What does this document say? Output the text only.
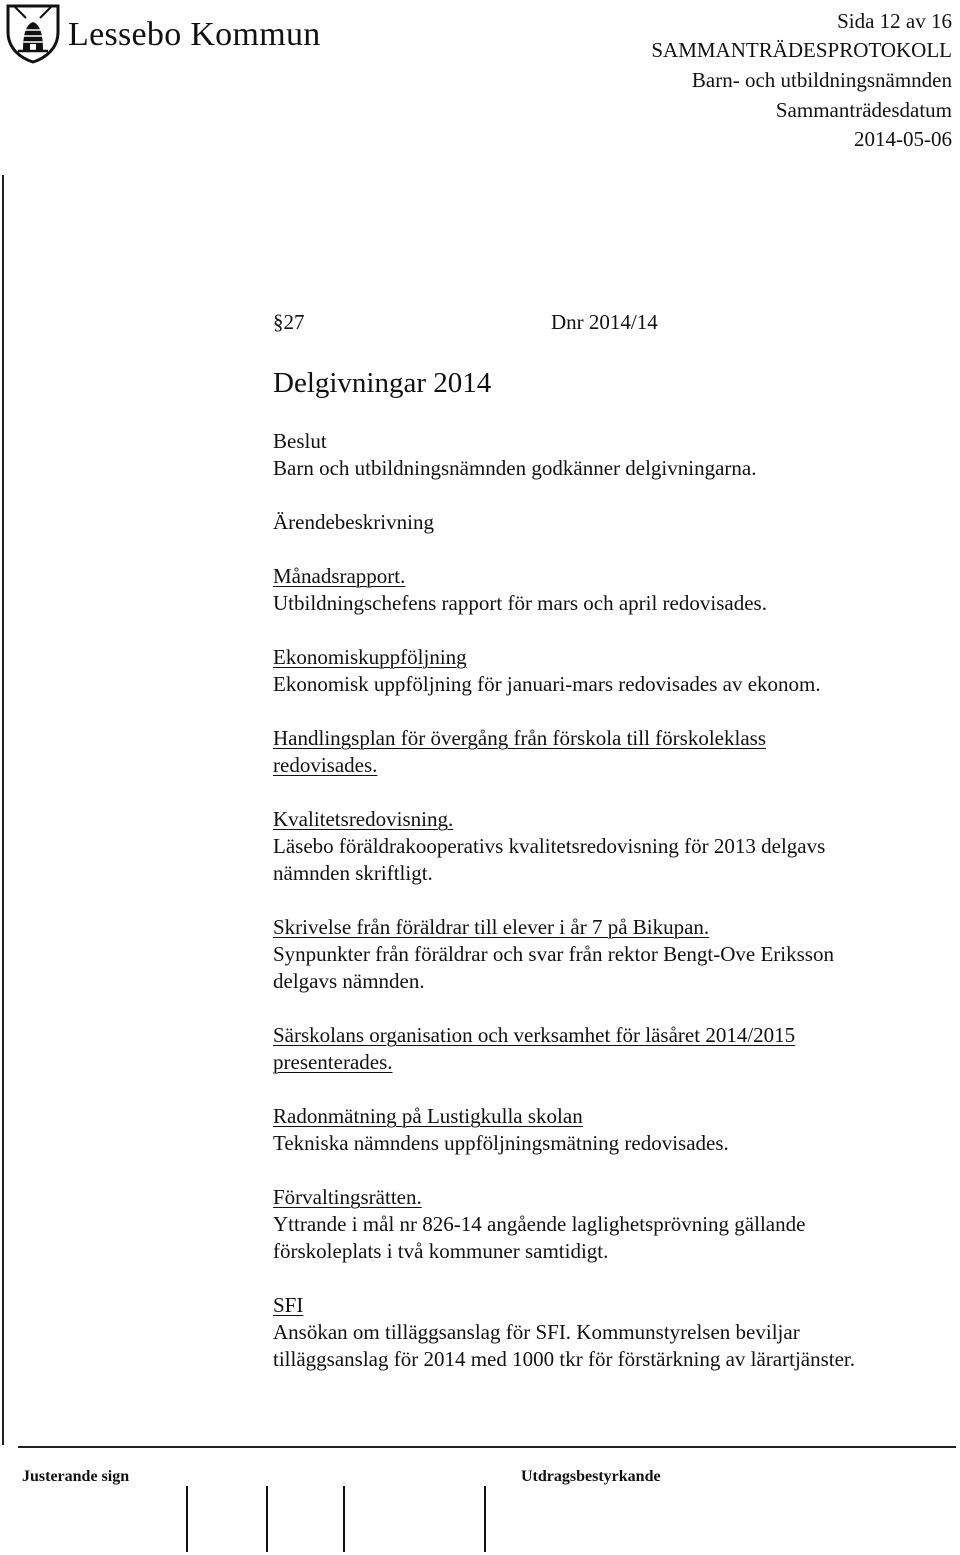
Lessebo Kommun	Sida 12 av 16
SAMMANTRÄDESPROTOKOLL
Barn- och utbildningsnämnden
Sammanträdesdatum
2014-05-06
§27	Dnr 2014/14
Delgivningar 2014
Beslut
Barn och utbildningsnämnden godkänner delgivningarna.
Ärendebeskrivning
Månadsrapport.
Utbildningschefens rapport för mars och april redovisades.
Ekonomiskuppföljning
Ekonomisk uppföljning för januari-mars redovisades av ekonom.
Handlingsplan för övergång från förskola till förskoleklass
redovisades.
Kvalitetsredovisning.
Läsebo föräldrakooperativs kvalitetsredovisning för 2013 delgavs
nämnden skriftligt.
Skrivelse från föräldrar till elever i år 7 på Bikupan.
Synpunkter från föräldrar och svar från rektor Bengt-Ove Eriksson
delgavs nämnden.
Särskolans organisation och verksamhet för läsåret 2014/2015
presenterades.
Radonmätning på Lustigkulla skolan
Tekniska nämndens uppföljningsmätning redovisades.
Förvaltingsrätten.
Yttrande i mål nr 826-14 angående laglighetsprövning gällande
förskoleplats i två kommuner samtidigt.
SFI
Ansökan om tilläggsanslag för SFI. Kommunstyrelsen beviljar
tilläggsanslag för 2014 med 1000 tkr för förstärkning av lärartjänster.
Justerande sign	Utdragsbestyrkande
